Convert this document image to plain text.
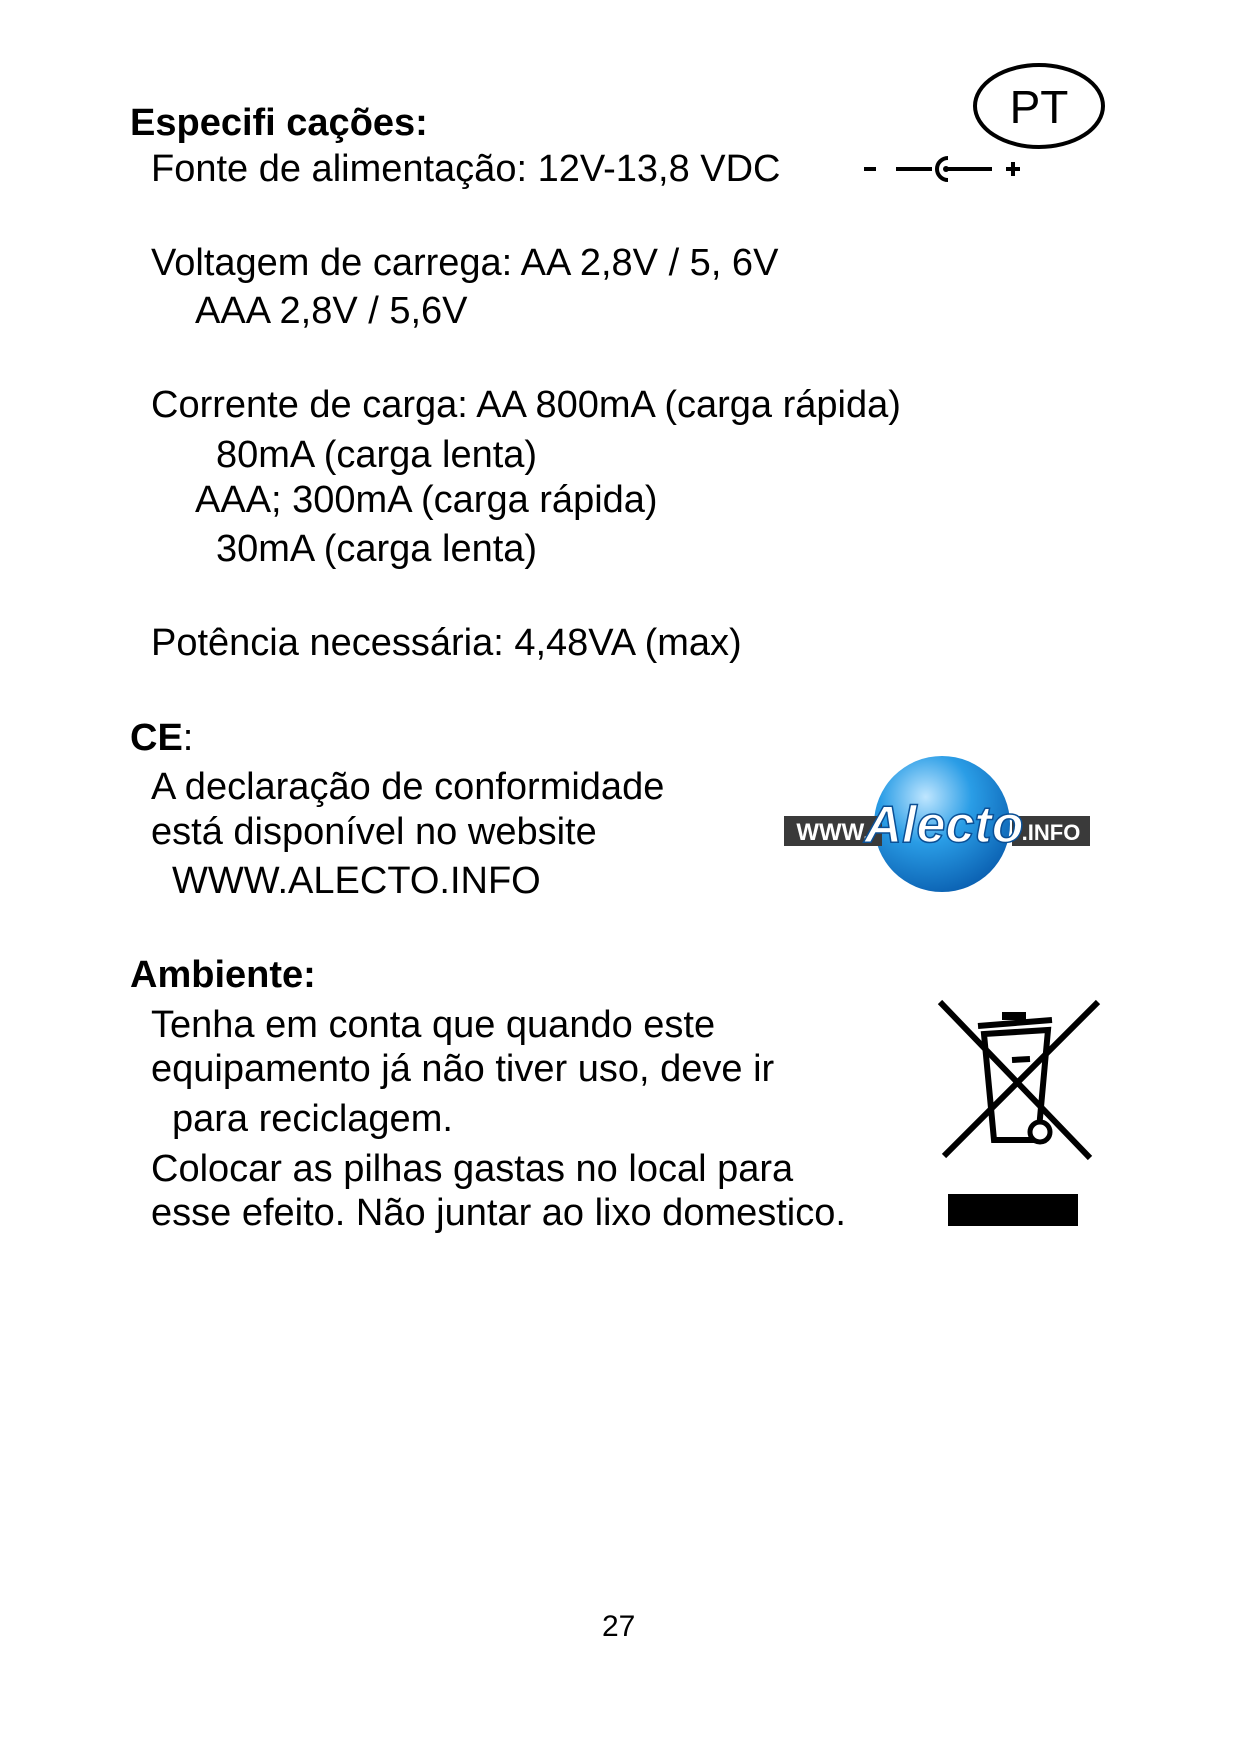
PT
Especifi cações:
Fonte de alimentação: 12V-13,8 VDC
Voltagem de carrega: AA 2,8V / 5, 6V
AAA 2,8V / 5,6V
Corrente de carga: AA 800mA (carga rápida)
80mA (carga lenta)
AAA; 300mA (carga rápida)
30mA (carga lenta)
Potência necessária: 4,48VA (max)
CE:
A declaração de conformidade
está disponível no website
WWW.ALECTO.INFO
WWW.	.INFO
Alecto
Ambiente:
Tenha em conta que quando este
equipamento já não tiver uso, deve ir
para reciclagem.
Colocar as pilhas gastas no local para
esse efeito. Não juntar ao lixo domestico.
27
